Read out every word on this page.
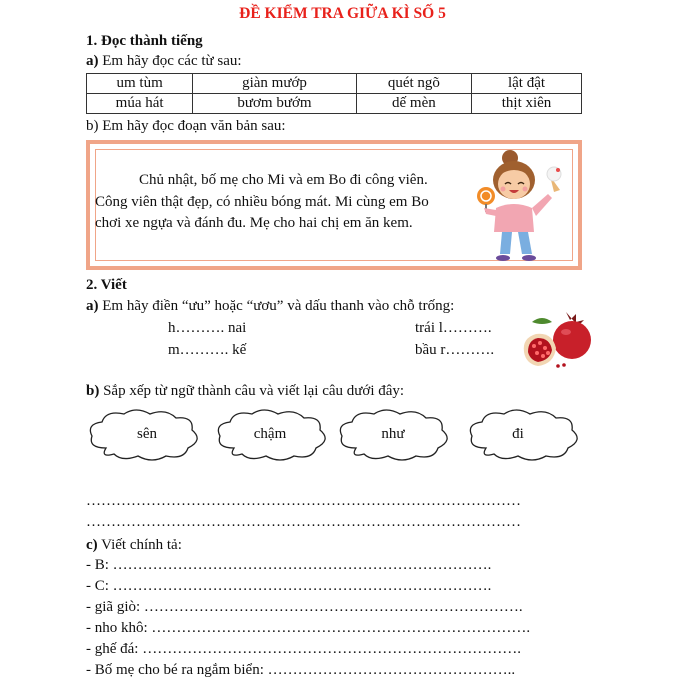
ĐỀ KIỂM TRA GIỮA KÌ SỐ 5
1. Đọc thành tiếng
a) Em hãy đọc các từ sau:
um tùm	giàn mướp	quét ngõ	lật đật
múa hát	bươm bướm	dế mèn	thịt xiên
b) Em hãy đọc đoạn văn bản sau:
Chủ nhật, bố mẹ cho Mi và em Bo đi công viên.
Công viên thật đẹp, có nhiều bóng mát. Mi cùng em Bo
chơi xe ngựa và đánh đu. Mẹ cho hai chị em ăn kem.
2. Viết
a) Em hãy điền “ưu” hoặc “ươu” và dấu thanh vào chỗ trống:
h………. nai	trái l……….
m………. kế	bầu r……….
b) Sắp xếp từ ngữ thành câu và viết lại câu dưới đây:
sên	chậm	như	đi
……………………………………………………………………………
……………………………………………………………………………
c) Viết chính tả:
- B: ………………………………………………………………….
- C: ………………………………………………………………….
- giã giò: ………………………………………………………………….
- nho khô: ………………………………………………………………….
- ghế đá: ………………………………………………………………….
- Bố mẹ cho bé ra ngắm biển: …………………………………………..
